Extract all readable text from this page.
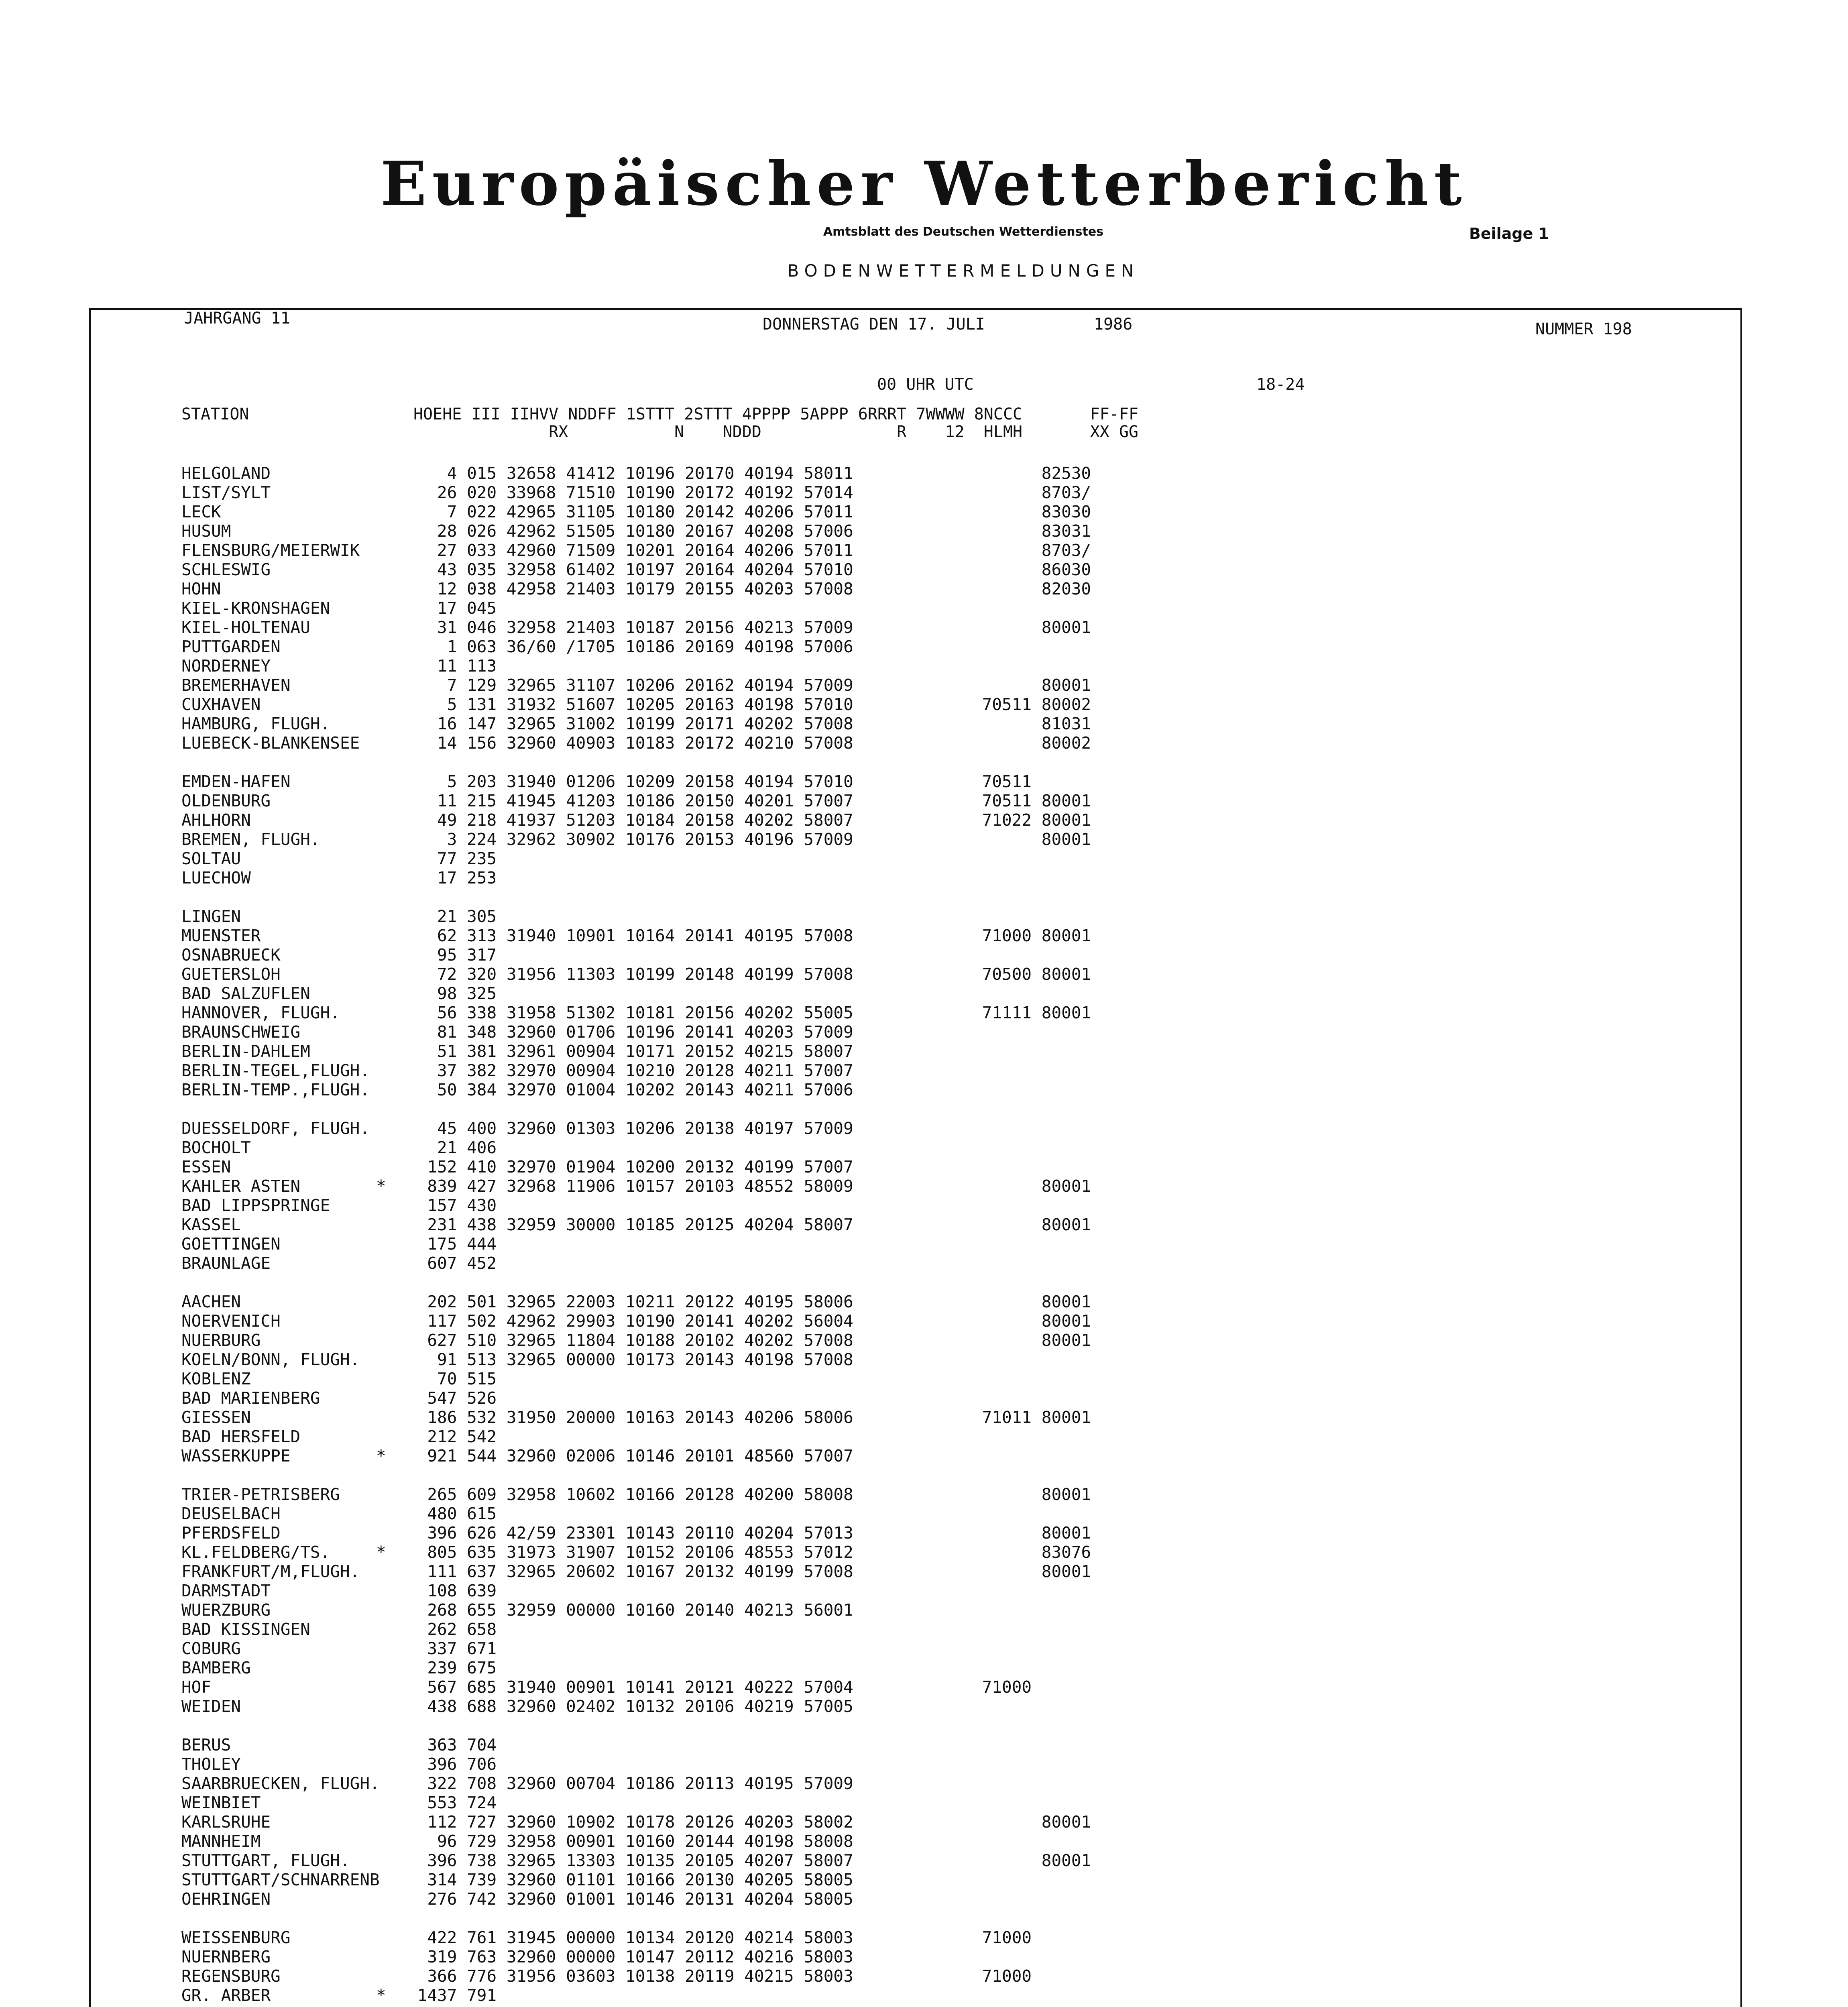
Europäischer Wetterbericht
Amtsblatt des Deutschen Wetterdienstes	Beilage 1
BODENWETTERMELDUNGEN
JAHRGANG 11	DONNERSTAG DEN 17. JULI	1986	NUMMER 198
00 UHR UTC	18-24
STATION                 HOEHE III IIHVV NDDFF 1STTT 2STTT 4PPPP 5APPP 6RRRT 7WWWW 8NCCC       FF-FF
RX           N    NDDD              R    12  HLMH       XX GG
HELGOLAND	4 015 32658 41412 10196 20170 40194 58011                   82530
LIST/SYLT	26 020 33968 71510 10190 20172 40192 57014                   8703/
LECK	7 022 42965 31105 10180 20142 40206 57011                   83030
HUSUM	28 026 42962 51505 10180 20167 40208 57006                   83031
FLENSBURG/MEIERWIK	27 033 42960 71509 10201 20164 40206 57011                   8703/
SCHLESWIG	43 035 32958 61402 10197 20164 40204 57010                   86030
HOHN	12 038 42958 21403 10179 20155 40203 57008                   82030
KIEL-KRONSHAGEN	17 045
KIEL-HOLTENAU	31 046 32958 21403 10187 20156 40213 57009                   80001
PUTTGARDEN	1 063 36/60 /1705 10186 20169 40198 57006
NORDERNEY	11 113
BREMERHAVEN	7 129 32965 31107 10206 20162 40194 57009                   80001
CUXHAVEN	5 131 31932 51607 10205 20163 40198 57010             70511 80002
HAMBURG, FLUGH.	16 147 32965 31002 10199 20171 40202 57008                   81031
LUEBECK-BLANKENSEE	14 156 32960 40903 10183 20172 40210 57008                   80002
EMDEN-HAFEN	5 203 31940 01206 10209 20158 40194 57010             70511
OLDENBURG	11 215 41945 41203 10186 20150 40201 57007             70511 80001
AHLHORN	49 218 41937 51203 10184 20158 40202 58007             71022 80001
BREMEN, FLUGH.	3 224 32962 30902 10176 20153 40196 57009                   80001
SOLTAU	77 235
LUECHOW	17 253
LINGEN	21 305
MUENSTER	62 313 31940 10901 10164 20141 40195 57008             71000 80001
OSNABRUECK	95 317
GUETERSLOH	72 320 31956 11303 10199 20148 40199 57008             70500 80001
BAD SALZUFLEN	98 325
HANNOVER, FLUGH.	56 338 31958 51302 10181 20156 40202 55005             71111 80001
BRAUNSCHWEIG	81 348 32960 01706 10196 20141 40203 57009
BERLIN-DAHLEM	51 381 32961 00904 10171 20152 40215 58007
BERLIN-TEGEL,FLUGH. 37 382 32970 00904 10210 20128 40211 57007
BERLIN-TEMP.,FLUGH. 50 384 32970 01004 10202 20143 40211 57006
DUESSELDORF, FLUGH. 45 400 32960 01303 10206 20138 40197 57009
BOCHOLT	21 406
ESSEN	152 410 32970 01904 10200 20132 40199 57007
KAHLER ASTEN	* 839 427 32968 11906 10157 20103 48552 58009                   80001
BAD LIPPSPRINGE	157 430
KASSEL	231 438 32959 30000 10185 20125 40204 58007                   80001
GOETTINGEN	175 444
BRAUNLAGE	607 452
AACHEN	202 501 32965 22003 10211 20122 40195 58006                   80001
NOERVENICH	117 502 42962 29903 10190 20141 40202 56004                   80001
NUERBURG	627 510 32965 11804 10188 20102 40202 57008                   80001
KOELN/BONN, FLUGH.	91 513 32965 00000 10173 20143 40198 57008
KOBLENZ	70 515
BAD MARIENBERG	547 526
GIESSEN	186 532 31950 20000 10163 20143 40206 58006             71011 80001
BAD HERSFELD	212 542
WASSERKUPPE	* 921 544 32960 02006 10146 20101 48560 57007
TRIER-PETRISBERG	265 609 32958 10602 10166 20128 40200 58008                   80001
DEUSELBACH	480 615
PFERDSFELD	396 626 42/59 23301 10143 20110 40204 57013                   80001
KL.FELDBERG/TS.	* 805 635 31973 31907 10152 20106 48553 57012                   83076
FRANKFURT/M,FLUGH.	111 637 32965 20602 10167 20132 40199 57008                   80001
DARMSTADT	108 639
WUERZBURG	268 655 32959 00000 10160 20140 40213 56001
BAD KISSINGEN	262 658
COBURG	337 671
BAMBERG	239 675
HOF	567 685 31940 00901 10141 20121 40222 57004             71000
WEIDEN	438 688 32960 02402 10132 20106 40219 57005
BERUS	363 704
THOLEY	396 706
SAARBRUECKEN, FLUGH. 322 708 32960 00704 10186 20113 40195 57009
WEINBIET	553 724
KARLSRUHE	112 727 32960 10902 10178 20126 40203 58002                   80001
MANNHEIM	96 729 32958 00901 10160 20144 40198 58008
STUTTGART, FLUGH.	396 738 32965 13303 10135 20105 40207 58007                   80001
STUTTGART/SCHNARRENB 314 739 32960 01101 10166 20130 40205 58005
OEHRINGEN	276 742 32960 01001 10146 20131 40204 58005
WEISSENBURG	422 761 31945 00000 10134 20120 40214 58003             71000
NUERNBERG	319 763 32960 00000 10147 20112 40216 58003
REGENSBURG	366 776 31956 03603 10138 20119 40215 58003             71000
GR. ARBER	* 1437 791
